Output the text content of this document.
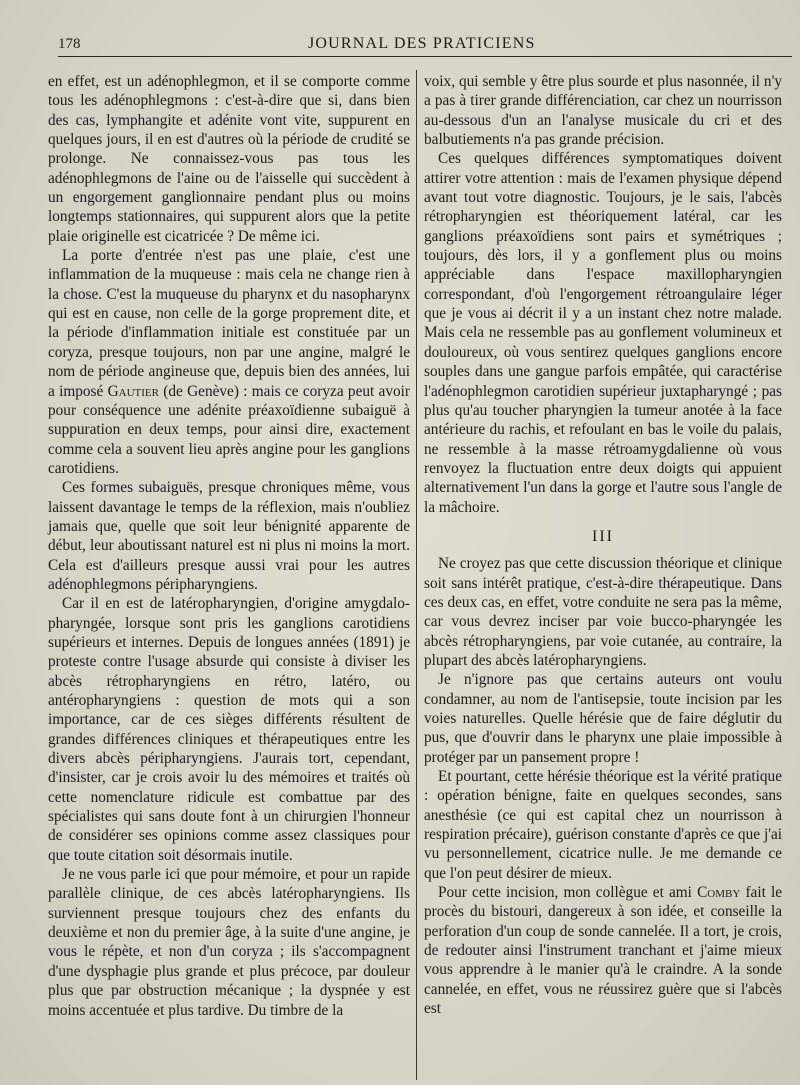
178	JOURNAL DES PRATICIENS

en effet, est un adénophlegmon, et il se comporte comme tous les adénophlegmons : c'est-à-dire que si, dans bien des cas, lymphangite et adénite vont vite, suppurent en quelques jours, il en est d'autres où la période de crudité se prolonge. Ne connaissez-vous pas tous les adénophlegmons de l'aine ou de l'aisselle qui succèdent à un engorgement ganglionnaire pendant plus ou moins longtemps stationnaires, qui suppurent alors que la petite plaie originelle est cicatricée ? De même ici.

La porte d'entrée n'est pas une plaie, c'est une inflammation de la muqueuse : mais cela ne change rien à la chose. C'est la muqueuse du pharynx et du nasopharynx qui est en cause, non celle de la gorge proprement dite, et la période d'inflammation initiale est constituée par un coryza, presque toujours, non par une angine, malgré le nom de période angineuse que, depuis bien des années, lui a imposé Gautier (de Genève) : mais ce coryza peut avoir pour conséquence une adénite préaxoïdienne subaiguë à suppuration en deux temps, pour ainsi dire, exactement comme cela a souvent lieu après angine pour les ganglions carotidiens.

Ces formes subaiguës, presque chroniques même, vous laissent davantage le temps de la réflexion, mais n'oubliez jamais que, quelle que soit leur bénignité apparente de début, leur aboutissant naturel est ni plus ni moins la mort. Cela est d'ailleurs presque aussi vrai pour les autres adénophlegmons péripharyngiens.

Car il en est de latéropharyngien, d'origine amygdalo-pharyngée, lorsque sont pris les ganglions carotidiens supérieurs et internes. Depuis de longues années (1891) je proteste contre l'usage absurde qui consiste à diviser les abcès rétropharyngiens en rétro, latéro, ou antéropharyngiens : question de mots qui a son importance, car de ces sièges différents résultent de grandes différences cliniques et thérapeutiques entre les divers abcès péripharyngiens. J'aurais tort, cependant, d'insister, car je crois avoir lu des mémoires et traités où cette nomenclature ridicule est combattue par des spécialistes qui sans doute font à un chirurgien l'honneur de considérer ses opinions comme assez classiques pour que toute citation soit désormais inutile.

Je ne vous parle ici que pour mémoire, et pour un rapide parallèle clinique, de ces abcès latéropharyngiens. Ils surviennent presque toujours chez des enfants du deuxième et non du premier âge, à la suite d'une angine, je vous le répète, et non d'un coryza ; ils s'accompagnent d'une dysphagie plus grande et plus précoce, par douleur plus que par obstruction mécanique ; la dyspnée y est moins accentuée et plus tardive. Du timbre de la

voix, qui semble y être plus sourde et plus nasonnée, il n'y a pas à tirer grande différenciation, car chez un nourrisson au-dessous d'un an l'analyse musicale du cri et des balbutiements n'a pas grande précision.

Ces quelques différences symptomatiques doivent attirer votre attention : mais de l'examen physique dépend avant tout votre diagnostic. Toujours, je le sais, l'abcès rétropharyngien est théoriquement latéral, car les ganglions préaxoïdiens sont pairs et symétriques ; toujours, dès lors, il y a gonflement plus ou moins appréciable dans l'espace maxillopharyngien correspondant, d'où l'engorgement rétroangulaire léger que je vous ai décrit il y a un instant chez notre malade. Mais cela ne ressemble pas au gonflement volumineux et douloureux, où vous sentirez quelques ganglions encore souples dans une gangue parfois empâtée, qui caractérise l'adénophlegmon carotidien supérieur juxtapharyngé ; pas plus qu'au toucher pharyngien la tumeur anotée à la face antérieure du rachis, et refoulant en bas le voile du palais, ne ressemble à la masse rétroamygdalienne où vous renvoyez la fluctuation entre deux doigts qui appuient alternativement l'un dans la gorge et l'autre sous l'angle de la mâchoire.

III

Ne croyez pas que cette discussion théorique et clinique soit sans intérêt pratique, c'est-à-dire thérapeutique. Dans ces deux cas, en effet, votre conduite ne sera pas la même, car vous devrez inciser par voie bucco-pharyngée les abcès rétropharyngiens, par voie cutanée, au contraire, la plupart des abcès latéropharyngiens.

Je n'ignore pas que certains auteurs ont voulu condamner, au nom de l'antisepsie, toute incision par les voies naturelles. Quelle hérésie que de faire déglutir du pus, que d'ouvrir dans le pharynx une plaie impossible à protéger par un pansement propre !

Et pourtant, cette hérésie théorique est la vérité pratique : opération bénigne, faite en quelques secondes, sans anesthésie (ce qui est capital chez un nourrisson à respiration précaire), guérison constante d'après ce que j'ai vu personnellement, cicatrice nulle. Je me demande ce que l'on peut désirer de mieux.

Pour cette incision, mon collègue et ami Comby fait le procès du bistouri, dangereux à son idée, et conseille la perforation d'un coup de sonde cannelée. Il a tort, je crois, de redouter ainsi l'instrument tranchant et j'aime mieux vous apprendre à le manier qu'à le craindre. A la sonde cannelée, en effet, vous ne réussirez guère que si l'abcès est
